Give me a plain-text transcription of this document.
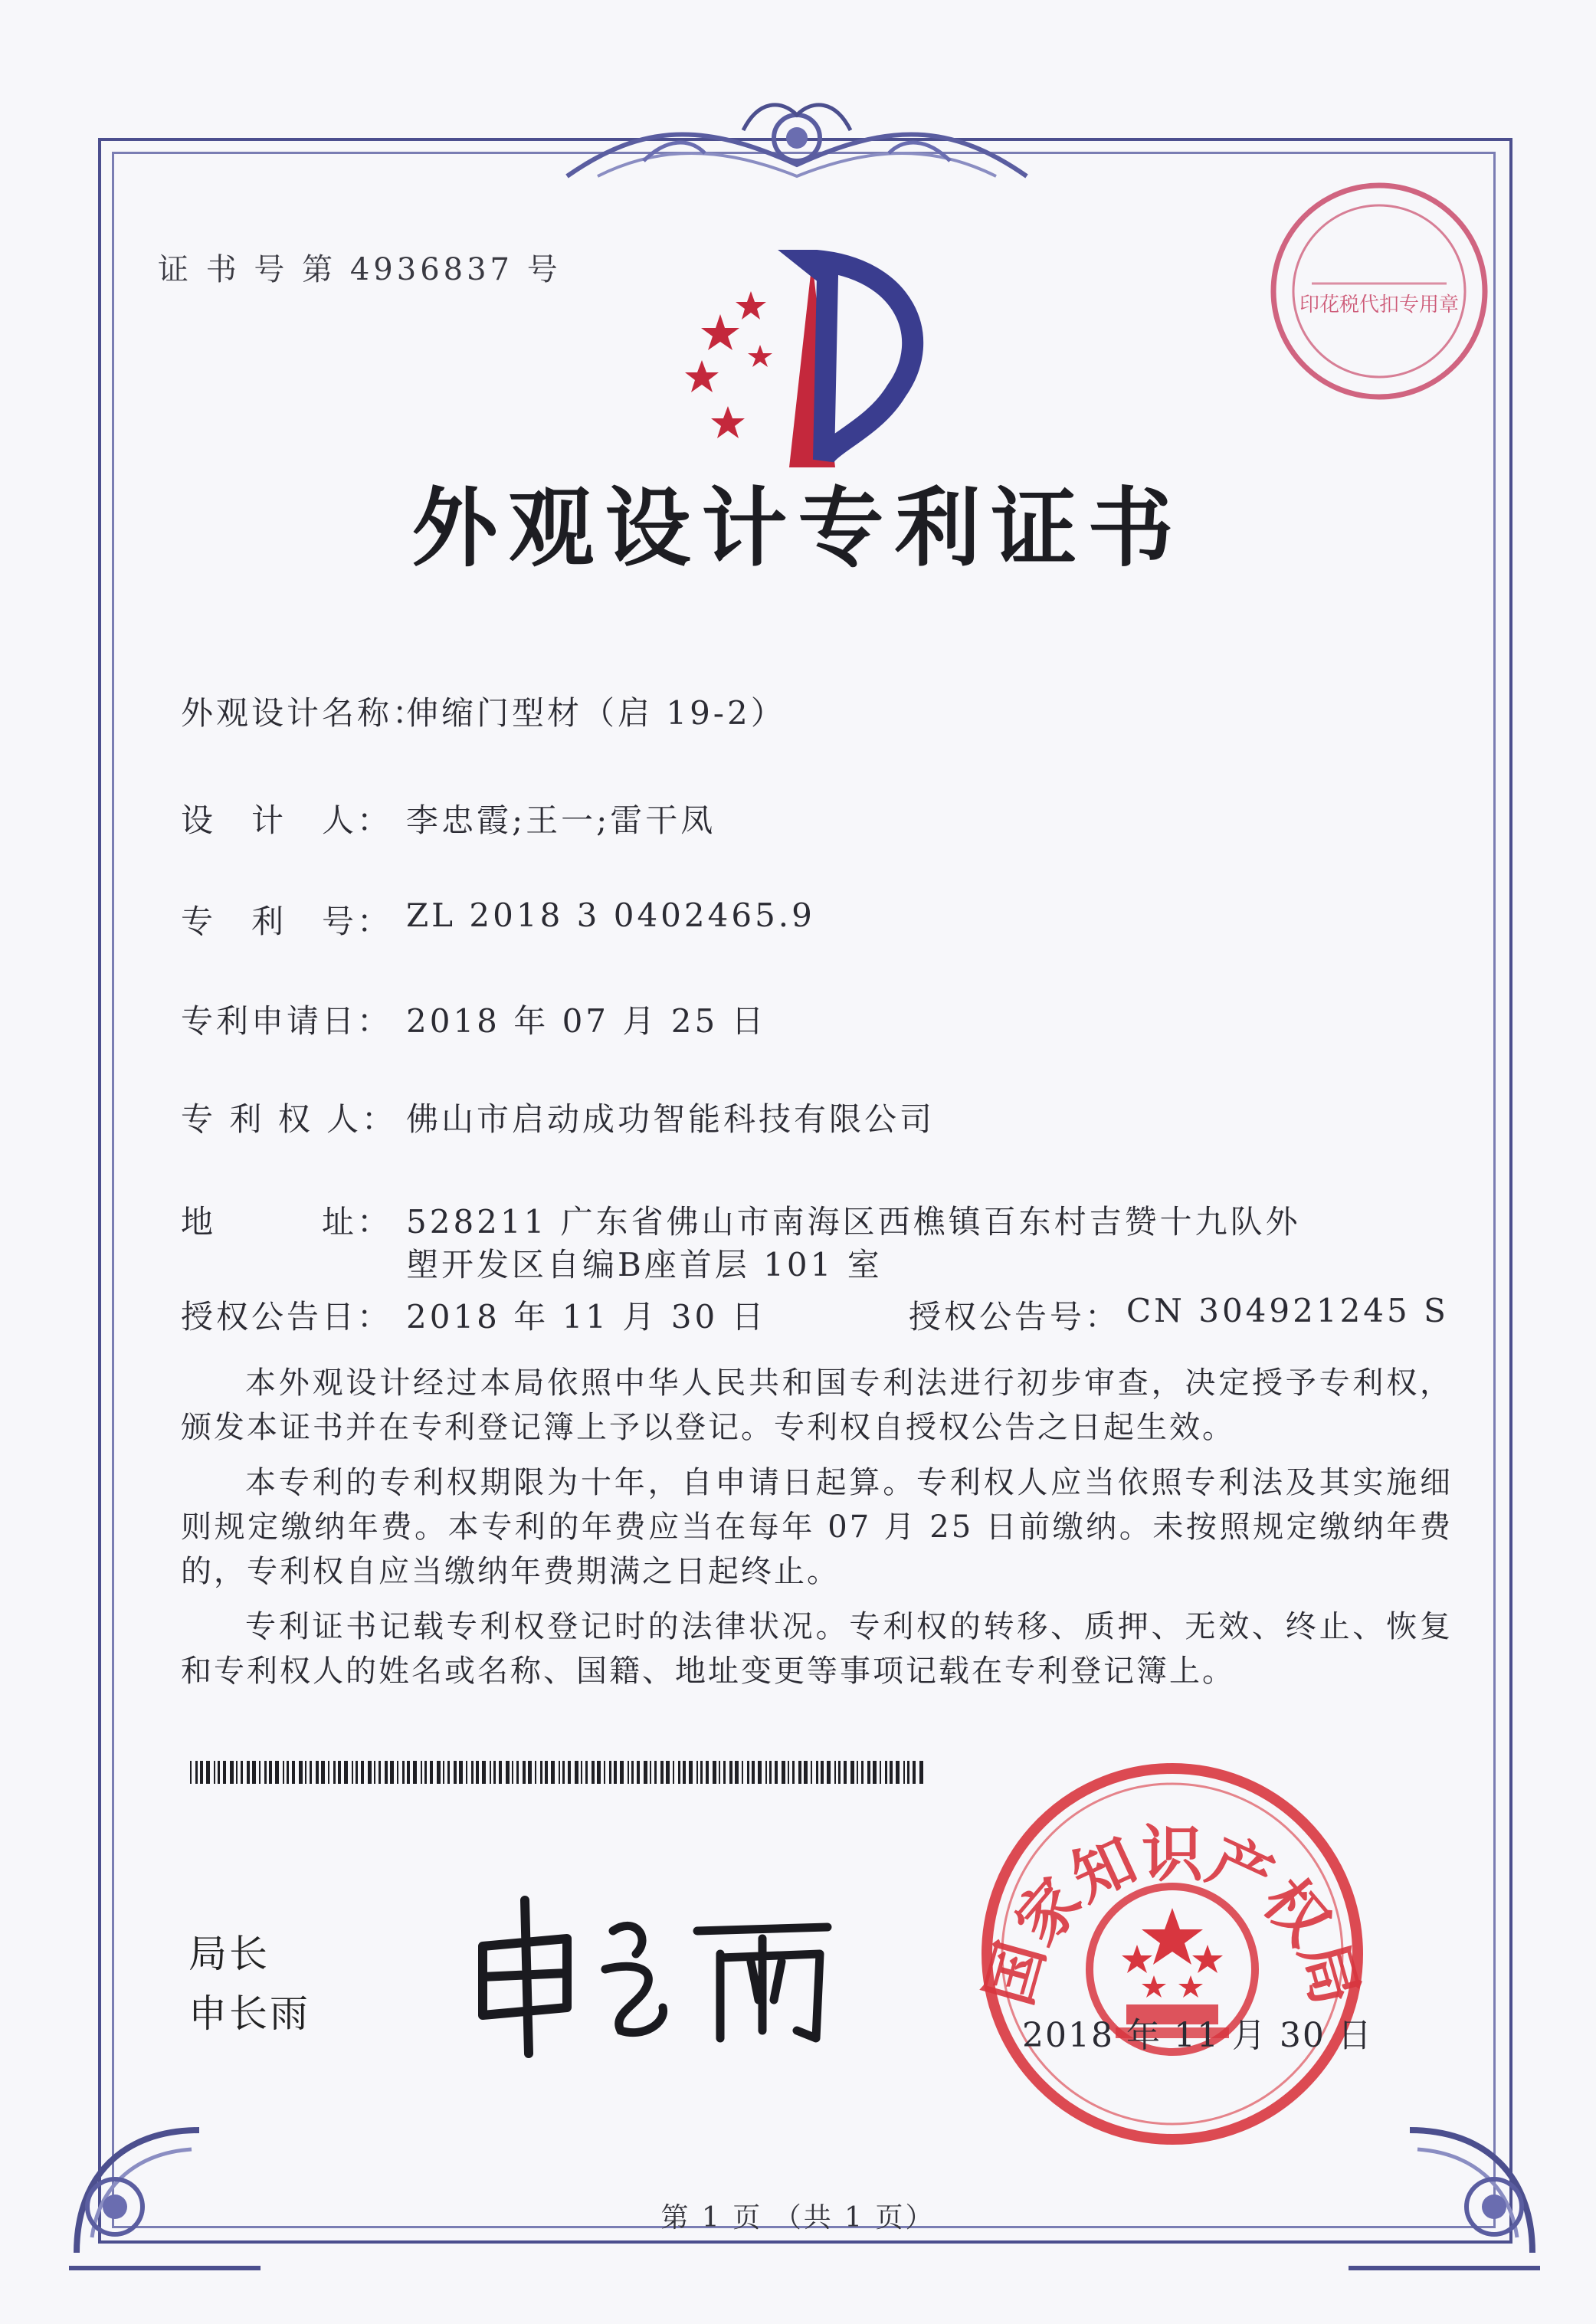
证 书 号 第 4936837 号
印花税代扣专用章
外观设计专利证书
外观设计名称：
伸缩门型材（启 19-2）
设　计　人： 李忠霞;王一;雷干凤
专　利　号： ZL 2018 3 0402465.9
专利申请日： 2018 年 07 月 25 日
专 利 权 人： 佛山市启动成功智能科技有限公司
地　　　址： 528211 广东省佛山市南海区西樵镇百东村吉赞十九队外
塱开发区自编B座首层 101 室
授权公告日： 2018 年 11 月 30 日	授权公告号： CN 304921245 S
本外观设计经过本局依照中华人民共和国专利法进行初步审查，决定授予专利权，颁发本证书并在专利登记簿上予以登记。专利权自授权公告之日起生效。
本专利的专利权期限为十年，自申请日起算。专利权人应当依照专利法及其实施细则规定缴纳年费。本专利的年费应当在每年 07 月 25 日前缴纳。未按照规定缴纳年费的，专利权自应当缴纳年费期满之日起终止。
专利证书记载专利权登记时的法律状况。专利权的转移、质押、无效、终止、恢复和专利权人的姓名或名称、国籍、地址变更等事项记载在专利登记簿上。
局长
申长雨
国家知识产权局
2018 年 11 月 30 日
第 1 页 （共 1 页）
